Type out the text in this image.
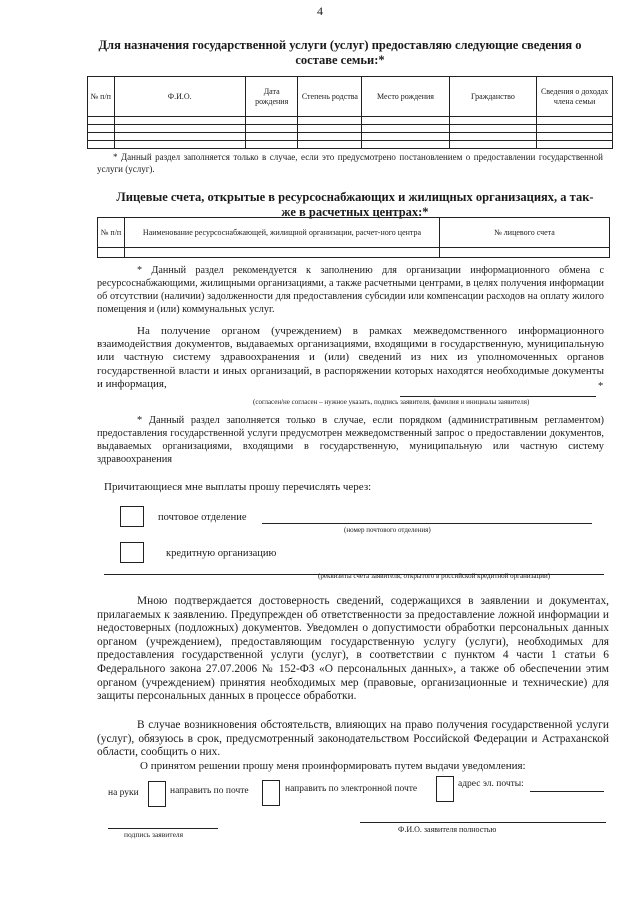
4
Для назначения государственной услуги (услуг) предоставляю следующие сведения о
составе семьи:*
№ п/п	Ф.И.О.	Дата рождения	Степень родства	Место рождения	Гражданство	Сведения о доходах члена семьи

* Данный раздел заполняется только в случае, если это предусмотрено постановлением о предоставлении государственной услуги (услуг).
Лицевые счета, открытые в ресурсоснабжающих и жилищных организациях, а так-
же в расчетных центрах:*
№ п/п	Наименование ресурсоснабжающей, жилищной организации, расчет-ного центра	№ лицевого счета

* Данный раздел рекомендуется к заполнению для организации информационного обмена с ресурсоснабжающими, жилищными организациями, а также расчетными центрами, в целях получения информации об отсутствии (наличии) задолженности для предоставления субсидии или компенсации расходов на оплату жилого помещения и (или) коммунальных услуг.
На получение органом (учреждением) в рамках межведомственного информационного взаимодействия документов, выдаваемых организациями, входящими в государственную, муниципальную или частную систему здравоохранения и (или) сведений из них из уполномоченных органов государственной власти и иных организаций, в распоряжении которых находятся необходимые документы и информация,	*
(согласен/не согласен – нужное указать, подпись заявителя, фамилия и инициалы заявителя)
* Данный раздел заполняется только в случае, если порядком (административным регламентом) предоставления государственной услуги предусмотрен межведомственный запрос о предоставлении документов, выдаваемых организациями, входящими в государственную, муниципальную или частную систему здравоохранения
Причитающиеся мне выплаты прошу перечислять через:
почтовое отделение
(номер почтового отделения)
кредитную организацию
(реквизиты счета заявителя, открытого в российской кредитной организации)
Мною подтверждается достоверность сведений, содержащихся в заявлении и документах, прилагаемых к заявлению. Предупрежден об ответственности за предоставление ложной информации и недостоверных (подложных) документов. Уведомлен о допустимости обработки персональных данных органом (учреждением), предоставляющим государственную услугу (услуги), необходимых для предоставления государственной услуги (услуг), в соответствии с пунктом 4 части 1 статьи 6 Федерального закона 27.07.2006 № 152-ФЗ «О персональных данных», а также об обеспечении этим органом (учреждением) принятия необходимых мер (правовые, организационные и технические) для защиты персональных данных в процессе обработки.
В случае возникновения обстоятельств, влияющих на право получения государственной услуги (услуг), обязуюсь в срок, предусмотренный законодательством Российской Федерации и Астраханской области, сообщить о них.
О принятом решении прошу меня проинформировать путем выдачи уведомления:
на руки	направить по почте	направить по электронной почте	адрес эл. почты:
подпись заявителя
Ф.И.О. заявителя полностью
